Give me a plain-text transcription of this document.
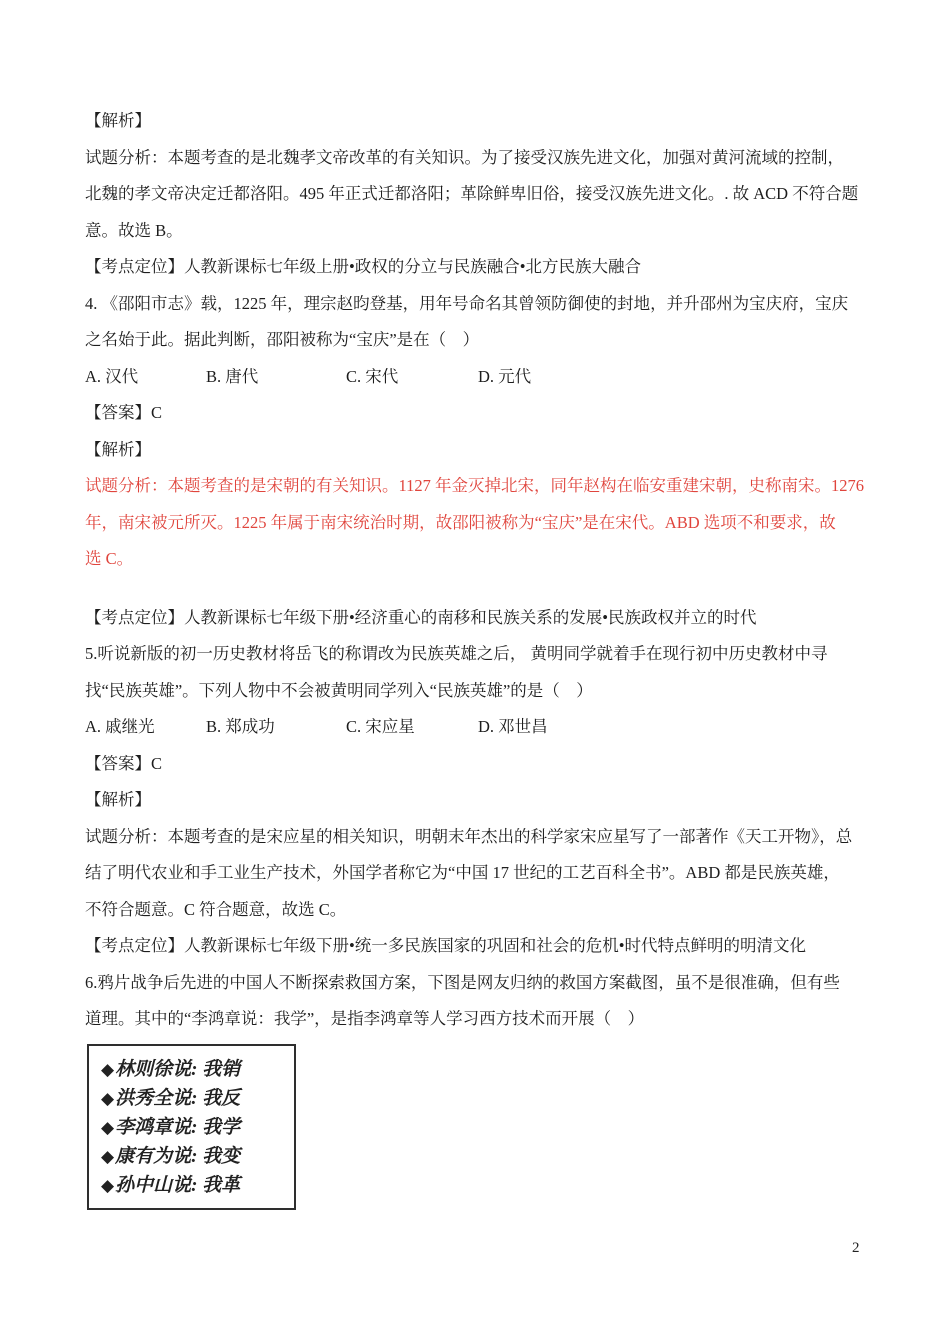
【解析】
试题分析：本题考查的是北魏孝文帝改革的有关知识。为了接受汉族先进文化，加强对黄河流域的控制，
北魏的孝文帝决定迁都洛阳。495 年正式迁都洛阳；革除鲜卑旧俗，接受汉族先进文化。. 故 ACD 不符合题
意。故选 B。
【考点定位】人教新课标七年级上册•政权的分立与民族融合•北方民族大融合
4. 《邵阳市志》载，1225 年，理宗赵昀登基，用年号命名其曾领防御使的封地，并升邵州为宝庆府，宝庆
之名始于此。据此判断，邵阳被称为“宝庆”是在（　）
A. 汉代	B. 唐代	C. 宋代	D. 元代
【答案】C
【解析】
试题分析：本题考查的是宋朝的有关知识。1127 年金灭掉北宋，同年赵构在临安重建宋朝，史称南宋。1276
年，南宋被元所灭。1225 年属于南宋统治时期，故邵阳被称为“宝庆”是在宋代。ABD 选项不和要求，故
选 C。
【考点定位】人教新课标七年级下册•经济重心的南移和民族关系的发展•民族政权并立的时代
5.听说新版的初一历史教材将岳飞的称谓改为民族英雄之后， 黄明同学就着手在现行初中历史教材中寻
找“民族英雄”。下列人物中不会被黄明同学列入“民族英雄”的是（　）
A. 戚继光	B. 郑成功	C. 宋应星	D. 邓世昌
【答案】C
【解析】
试题分析：本题考查的是宋应星的相关知识，明朝末年杰出的科学家宋应星写了一部著作《天工开物》，总
结了明代农业和手工业生产技术，外国学者称它为“中国 17 世纪的工艺百科全书”。ABD 都是民族英雄，
不符合题意。C 符合题意，故选 C。
【考点定位】人教新课标七年级下册•统一多民族国家的巩固和社会的危机•时代特点鲜明的明清文化
6.鸦片战争后先进的中国人不断探索救国方案，下图是网友归纳的救国方案截图，虽不是很准确，但有些
道理。其中的“李鸿章说：我学”，是指李鸿章等人学习西方技术而开展（　）
◆林则徐说: 我销
◆洪秀全说: 我反
◆李鸿章说: 我学
◆康有为说: 我变
◆孙中山说: 我革
2
